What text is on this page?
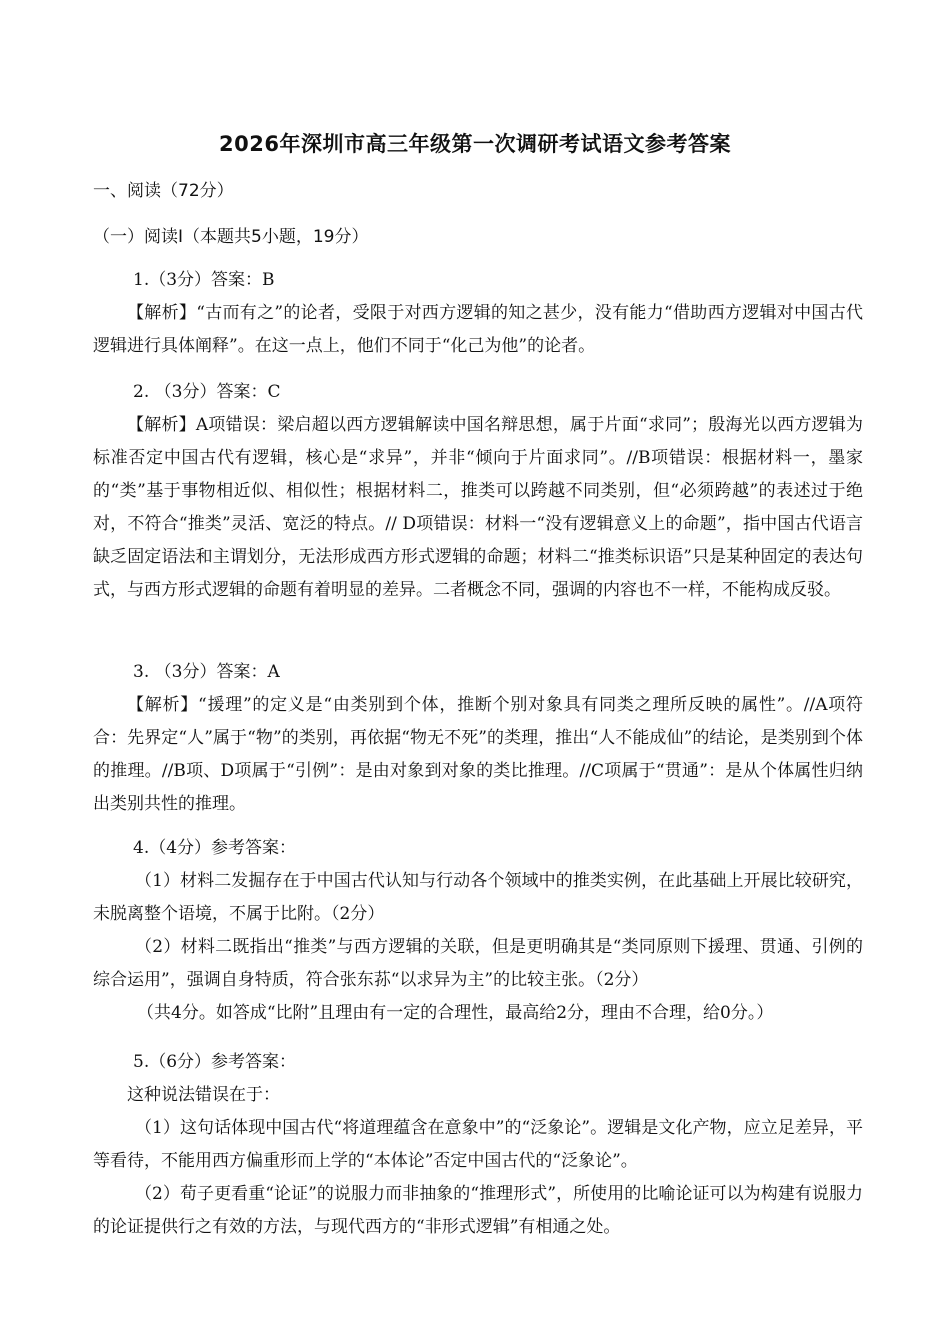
2026年深圳市高三年级第一次调研考试语文参考答案
一、阅读（72分）
（一）阅读Ⅰ（本题共5小题，19分）
1.（3分）答案：B
【解析】“古而有之”的论者，受限于对西方逻辑的知之甚少，没有能力“借助西方逻辑对中国古代逻辑进行具体阐释”。在这一点上，他们不同于“化己为他”的论者。
2. （3分）答案：C
【解析】A项错误：梁启超以西方逻辑解读中国名辩思想，属于片面“求同”；殷海光以西方逻辑为标准否定中国古代有逻辑，核心是“求异”，并非“倾向于片面求同”。//B项错误：根据材料一，墨家的“类”基于事物相近似、相似性；根据材料二，推类可以跨越不同类别，但“必须跨越”的表述过于绝对，不符合“推类”灵活、宽泛的特点。// D项错误：材料一“没有逻辑意义上的命题”，指中国古代语言缺乏固定语法和主谓划分，无法形成西方形式逻辑的命题；材料二“推类标识语”只是某种固定的表达句式，与西方形式逻辑的命题有着明显的差异。二者概念不同，强调的内容也不一样，不能构成反驳。
3. （3分）答案：A
【解析】“援理”的定义是“由类别到个体，推断个别对象具有同类之理所反映的属性”。//A项符合：先界定“人”属于“物”的类别，再依据“物无不死”的类理，推出“人不能成仙”的结论，是类别到个体的推理。//B项、D项属于“引例”：是由对象到对象的类比推理。//C项属于“贯通”：是从个体属性归纳出类别共性的推理。
4.（4分）参考答案：
（1）材料二发掘存在于中国古代认知与行动各个领域中的推类实例，在此基础上开展比较研究，未脱离整个语境，不属于比附。（2分）
（2）材料二既指出“推类”与西方逻辑的关联，但是更明确其是“类同原则下援理、贯通、引例的综合运用”，强调自身特质，符合张东荪“以求异为主”的比较主张。（2分）
（共4分。如答成“比附”且理由有一定的合理性，最高给2分，理由不合理，给0分。）
5.（6分）参考答案：
这种说法错误在于：
（1）这句话体现中国古代“将道理蕴含在意象中”的“泛象论”。逻辑是文化产物，应立足差异，平等看待，不能用西方偏重形而上学的“本体论”否定中国古代的“泛象论”。
（2）荀子更看重“论证”的说服力而非抽象的“推理形式”，所使用的比喻论证可以为构建有说服力的论证提供行之有效的方法，与现代西方的“非形式逻辑”有相通之处。
